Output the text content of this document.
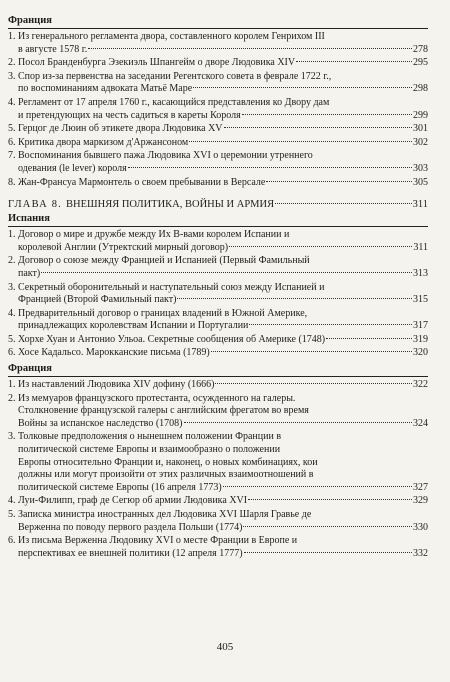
Франция
1. Из генерального регламента двора, составленного королем Генрихом III
в августе 1578 г.	278
2. Посол Бранденбурга Эзекиэль Шпангейм о дворе Людовика XIV	295
3. Спор из-за первенства на заседании Регентского совета в феврале 1722 г.,
по воспоминаниям адвоката Матьё Марe	298
4. Регламент от 17 апреля 1760 г., касающийся представления ко Двору дам
и претендующих на честь садиться в кареты Короля	299
5. Герцог де Люин об этикете двора Людовика XV	301
6. Критика двора маркизом д'Аржансоном	302
7. Воспоминания бывшего пажа Людовика XVI о церемонии утреннего
одевания (le lever) короля	303
8. Жан-Франсуа Мармонтель о своем пребывании в Версале	305
ГЛАВА 8. ВНЕШНЯЯ ПОЛИТИКА, ВОЙНЫ И АРМИЯ	311
Испания
1. Договор о мире и дружбе между Их В-вами королем Испании и
королевой Англии (Утректский мирный договор)	311
2. Договор о союзе между Францией и Испанией (Первый Фамильный
пакт)	313
3. Секретный оборонительный и наступательный союз между Испанией и
Францией (Второй Фамильный пакт)	315
4. Предварительный договор о границах владений в Южной Америке,
принадлежащих королевствам Испании и Португалии	317
5. Хорхе Хуан и Антонио Ульоа. Секретные сообщения об Америке (1748)	319
6. Хосе Кадальсо. Марокканские письма (1789)	320
Франция
1. Из наставлений Людовика XIV дофину (1666)	322
2. Из мемуаров французского протестанта, осужденного на галеры.
Столкновение французской галеры с английским фрегатом во время
Войны за испанское наследство (1708)	324
3. Толковые предположения о нынешнем положении Франции в
политической системе Европы и взаимообразно о положении
Европы относительно Франции и, наконец, о новых комбинациях, кои
должны или могут произойти от этих различных взаимоотношений в
политической системе Европы (16 апреля 1773)	327
4. Луи-Филипп, граф де Сегюр об армии Людовика XVI	329
5. Записка министра иностранных дел Людовика XVI Шарля Гравье де
Верженна по поводу первого раздела Польши (1774)	330
6. Из письма Верженна Людовику XVI о месте Франции в Европе и
перспективах ее внешней политики (12 апреля 1777)	332
405
